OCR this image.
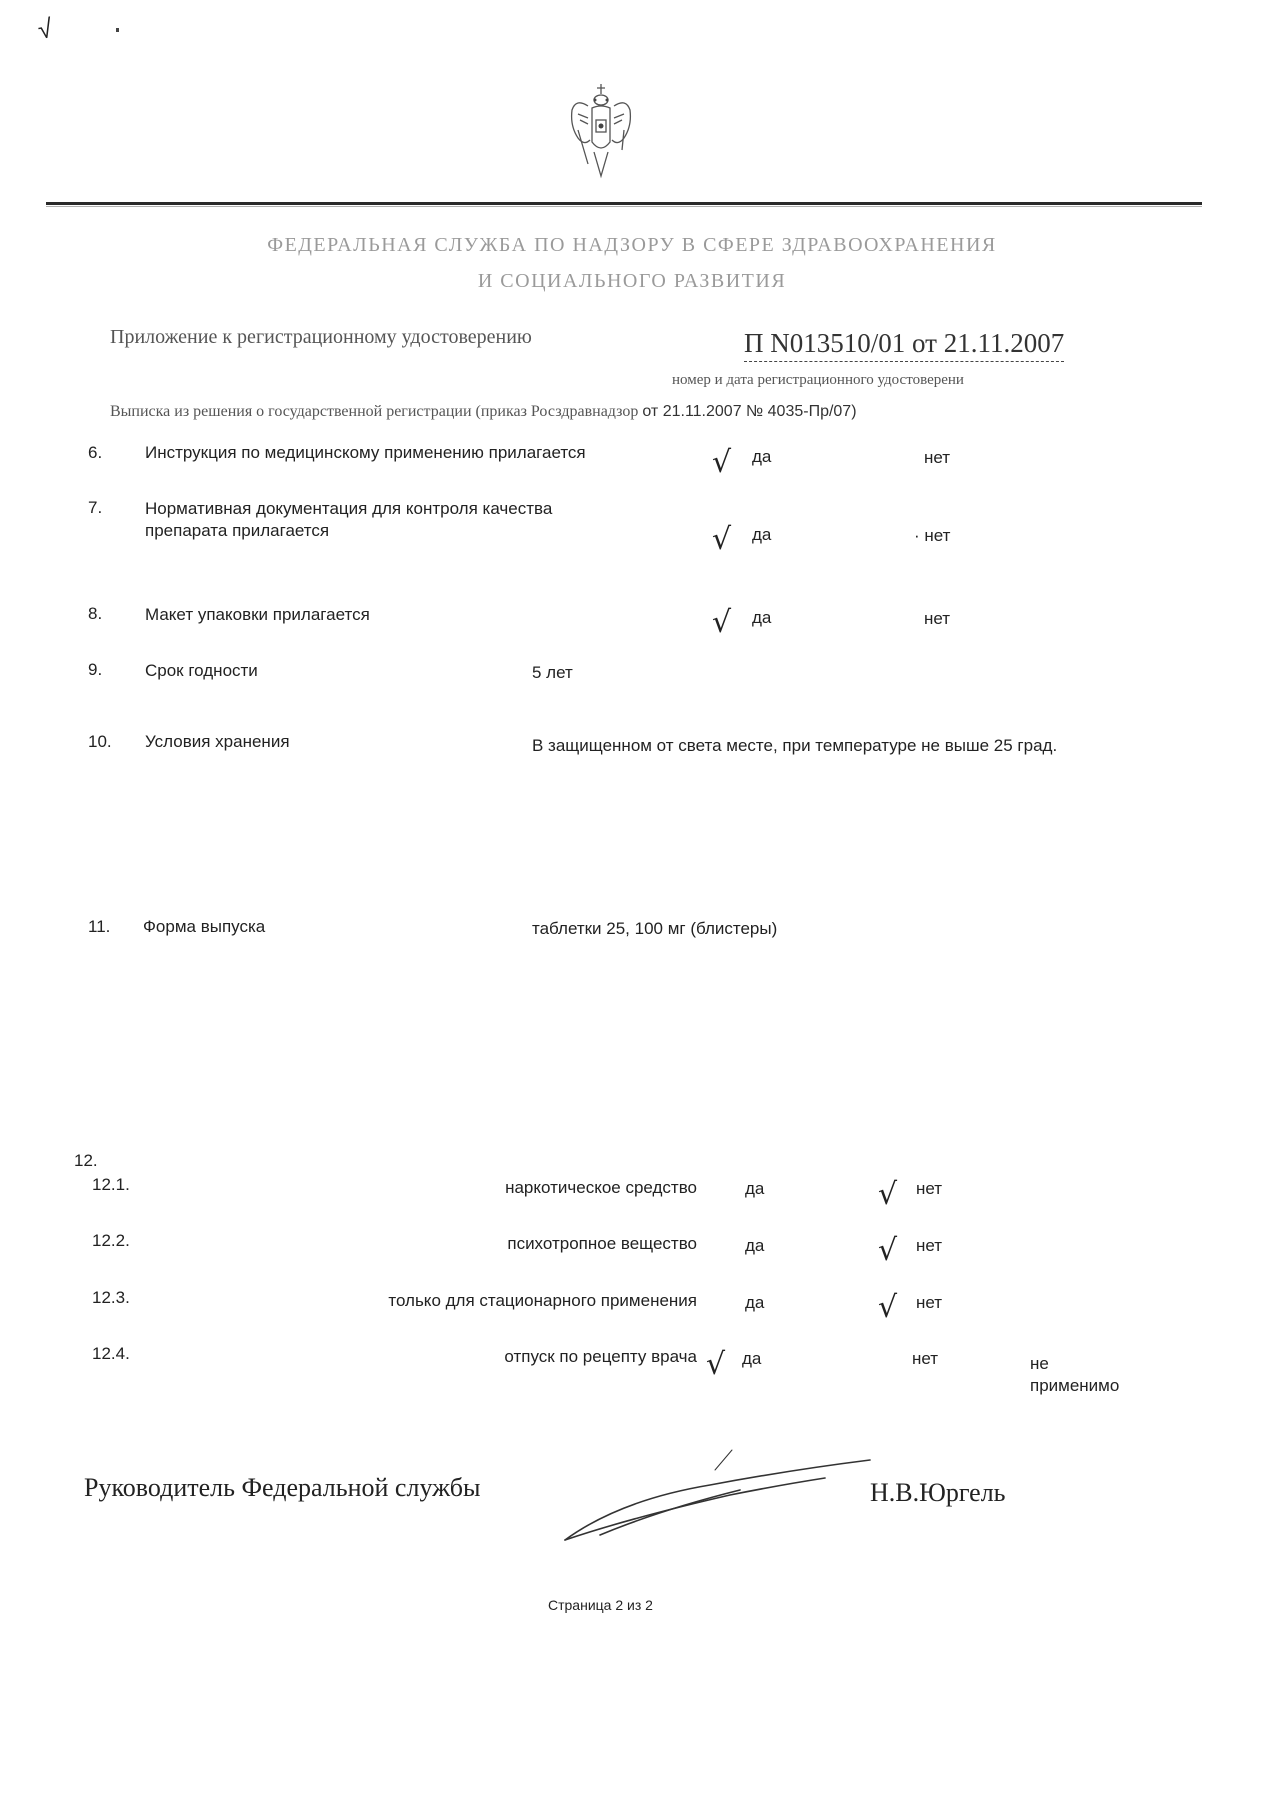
√
ФЕДЕРАЛЬНАЯ СЛУЖБА ПО НАДЗОРУ В СФЕРЕ ЗДРАВООХРАНЕНИЯ
И СОЦИАЛЬНОГО РАЗВИТИЯ
Приложение к регистрационному удостоверению	П N013510/01 от 21.11.2007
номер и дата регистрационного удостоверени
Выписка из решения о государственной регистрации (приказ Росздравнадзор от 21.11.2007 № 4035-Пр/07)
6.	Инструкция по медицинскому применению прилагается	√ да	нет
7.	Нормативная документация для контроля качества
препарата прилагается	√ да	· нет
8.	Макет упаковки прилагается	√ да	нет
9.	Срок годности	5 лет
10. Условия хранения	В защищенном от света месте, при температуре не выше 25 град.
11. Форма выпуска	таблетки 25, 100 мг (блистеры)
12.
12.1.	наркотическое средство	да	√ нет
12.2.	психотропное вещество	да	√ нет
12.3.	только для стационарного применения	да	√ нет
12.4.	отпуск по рецепту врача √ да	нет	не
применимо
Руководитель Федеральной службы	Н.В.Юргель
Страница 2 из 2
